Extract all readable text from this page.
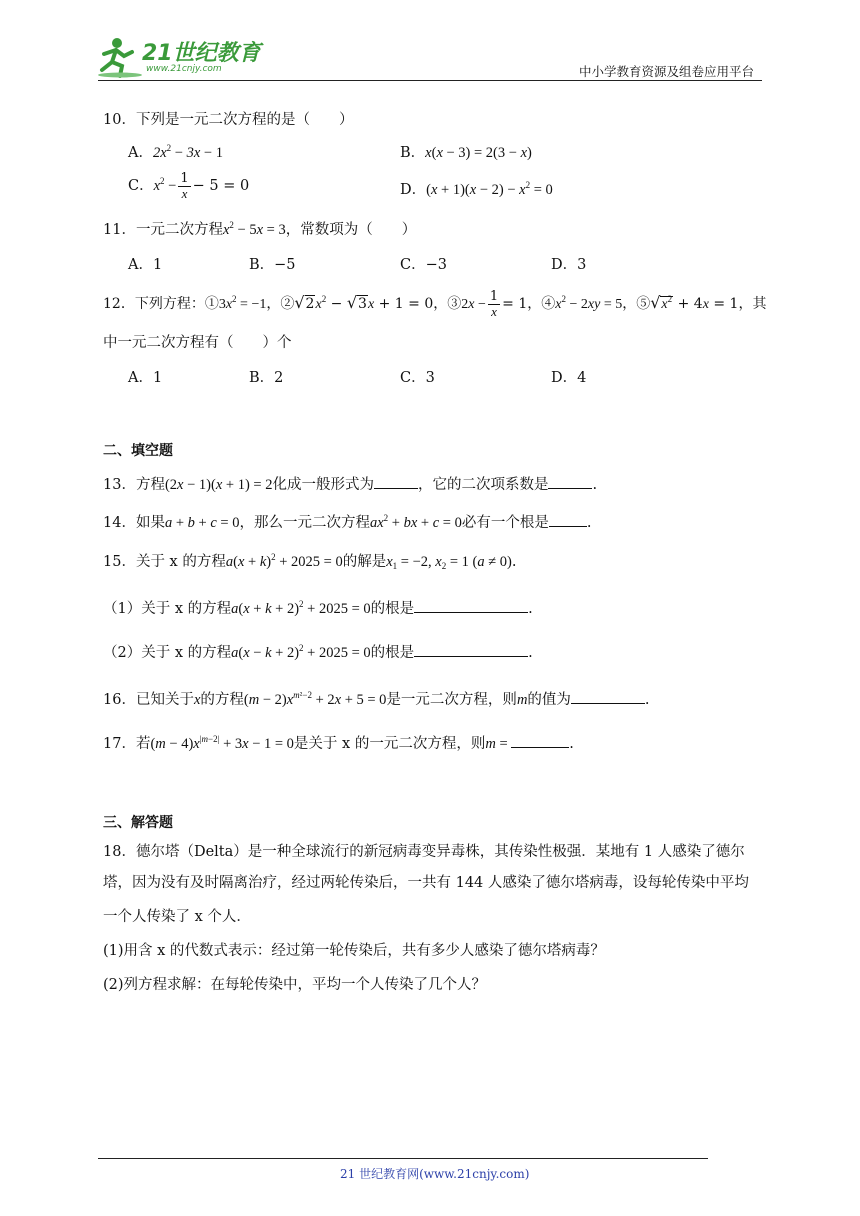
21世纪教育
www.21cnjy.com	中小学教育资源及组卷应用平台
10．下列是一元二次方程的是（　　）
A．$2x^2 - 3x - 1$	B．x(x − 3) = 2(3 − x)
C．$x^2 - \frac{1}{x} - 5 = 0$	D．$(x + 1)(x - 2) - x^2 = 0$
11．一元二次方程$x^2 - 5x = 3$，常数项为（　　）
A．1	B．−5	C．−3	D．3
12．下列方程：$①3x^2 = -1$，$②√2x^2 - √3x + 1 = 0$，③2x − $\frac{1}{x} = 1$，$④x^2 - 2xy = 5$，$⑤√x^2 + 4x = 1$，其
中一元二次方程有（　　）个
A．1	B．2	C．3	D．4
二、填空题
13．方程(2x − 1)(x + 1) = 2化成一般形式为	，它的二次项系数是	.
14．如果a + b + c = 0，那么一元二次方程$ax^2$ + bx + c = 0必有一个根是	.
15．关于 x 的方程$a(x + k)^2 + 2025 = 0$的解是$x_1 = -2$, $x_2 = 1$ (a ≠ 0).
（1）关于 x 的方程$a(x + k + 2)^2 + 2025 = 0$的根是	.
（2）关于 x 的方程$a(x - k + 2)^2 + 2025 = 0$的根是	.
16．已知关于x的方程$(m - 2)x^{m^2-2} + 2x + 5 = 0$是一元二次方程，则m的值为	.
17．若$(m - 4)x^{|m-2|} + 3x - 1 = 0$是关于 x 的一元二次方程，则m =	.
三、解答题
18．德尔塔（Delta）是一种全球流行的新冠病毒变异毒株，其传染性极强．某地有 1 人感染了德尔
塔，因为没有及时隔离治疗，经过两轮传染后，一共有 144 人感染了德尔塔病毒，设每轮传染中平均
一个人传染了 x 个人．
(1)用含 x 的代数式表示：经过第一轮传染后，共有多少人感染了德尔塔病毒？
(2)列方程求解：在每轮传染中，平均一个人传染了几个人？
21 世纪教育网(www.21cnjy.com)
